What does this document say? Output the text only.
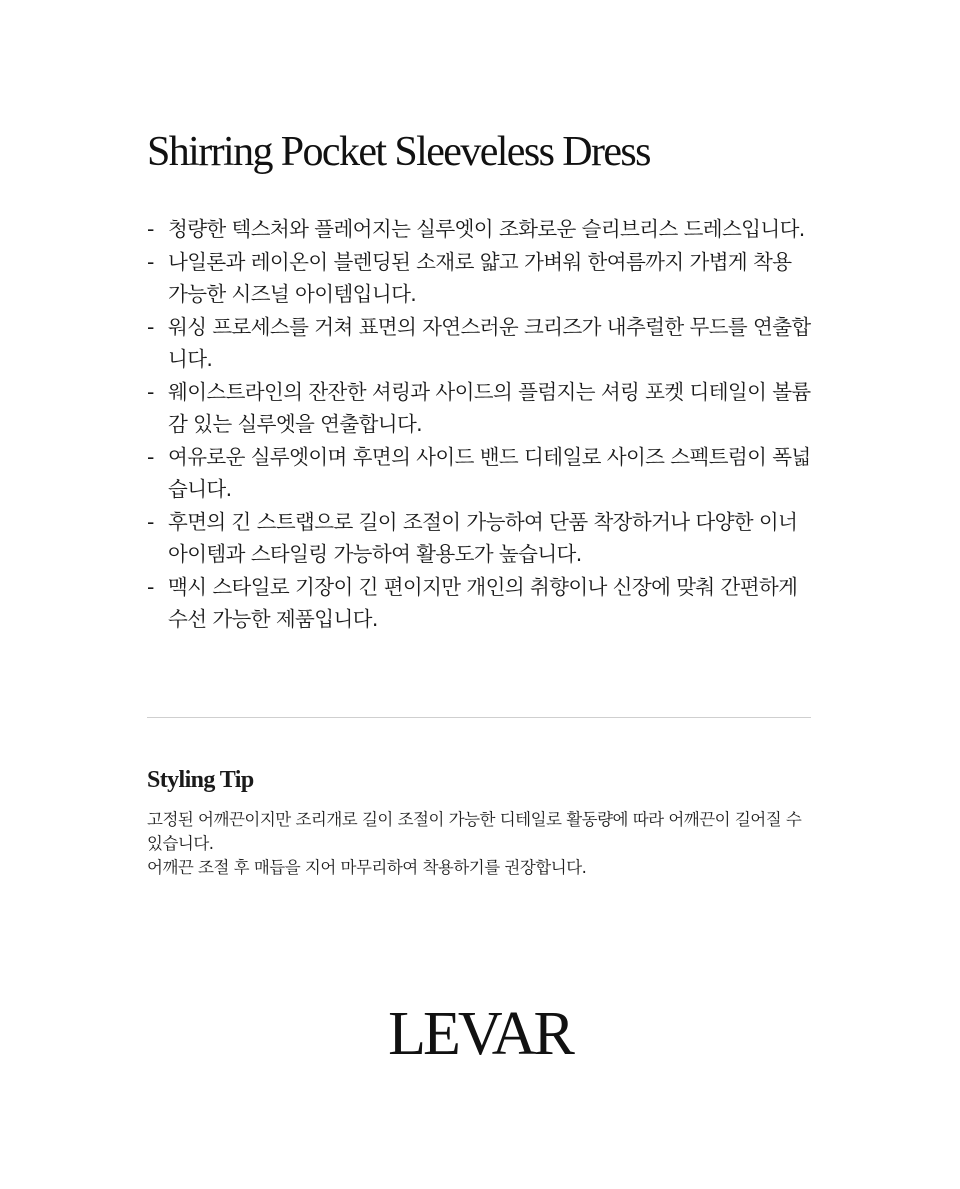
Shirring Pocket Sleeveless Dress
- 청량한 텍스처와 플레어지는 실루엣이 조화로운 슬리브리스 드레스입니다.
- 나일론과 레이온이 블렌딩된 소재로 얇고 가벼워 한여름까지 가볍게 착용 가능한 시즈널 아이템입니다.
- 워싱 프로세스를 거쳐 표면의 자연스러운 크리즈가 내추럴한 무드를 연출합니다.
- 웨이스트라인의 잔잔한 셔링과 사이드의 플럼지는 셔링 포켓 디테일이 볼륨감 있는 실루엣을 연출합니다.
- 여유로운 실루엣이며 후면의 사이드 밴드 디테일로 사이즈 스펙트럼이 폭넓습니다.
- 후면의 긴 스트랩으로 길이 조절이 가능하여 단품 착장하거나 다양한 이너 아이템과 스타일링 가능하여 활용도가 높습니다.
- 맥시 스타일로 기장이 긴 편이지만 개인의 취향이나 신장에 맞춰 간편하게 수선 가능한 제품입니다.
Styling Tip

고정된 어깨끈이지만 조리개로 길이 조절이 가능한 디테일로 활동량에 따라 어깨끈이 길어질 수 있습니다.

어깨끈 조절 후 매듭을 지어 마무리하여 착용하기를 권장합니다.

LEVAR
